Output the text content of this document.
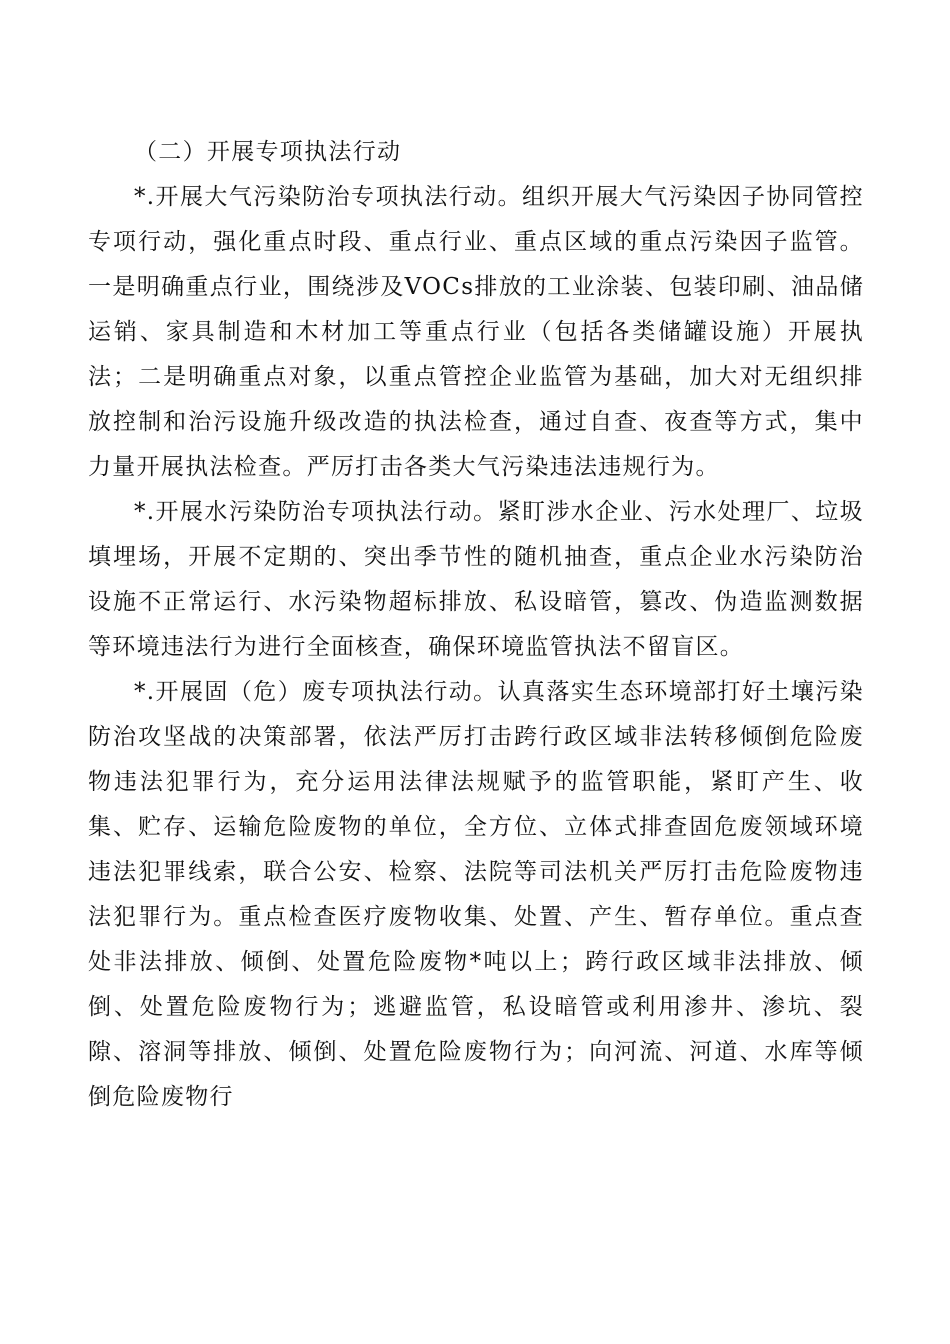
（二）开展专项执法行动

*.开展大气污染防治专项执法行动。组织开展大气污染因子协同管控专项行动，强化重点时段、重点行业、重点区域的重点污染因子监管。一是明确重点行业，围绕涉及VOCs排放的工业涂装、包装印刷、油品储运销、家具制造和木材加工等重点行业（包括各类储罐设施）开展执法；二是明确重点对象，以重点管控企业监管为基础，加大对无组织排放控制和治污设施升级改造的执法检查，通过自查、夜查等方式，集中力量开展执法检查。严厉打击各类大气污染违法违规行为。

*.开展水污染防治专项执法行动。紧盯涉水企业、污水处理厂、垃圾填埋场，开展不定期的、突出季节性的随机抽查，重点企业水污染防治设施不正常运行、水污染物超标排放、私设暗管，篡改、伪造监测数据等环境违法行为进行全面核查，确保环境监管执法不留盲区。

*.开展固（危）废专项执法行动。认真落实生态环境部打好土壤污染防治攻坚战的决策部署，依法严厉打击跨行政区域非法转移倾倒危险废物违法犯罪行为，充分运用法律法规赋予的监管职能，紧盯产生、收集、贮存、运输危险废物的单位，全方位、立体式排查固危废领域环境违法犯罪线索，联合公安、检察、法院等司法机关严厉打击危险废物违法犯罪行为。重点检查医疗废物收集、处置、产生、暂存单位。重点查处非法排放、倾倒、处置危险废物*吨以上；跨行政区域非法排放、倾倒、处置危险废物行为；逃避监管，私设暗管或利用渗井、渗坑、裂隙、溶洞等排放、倾倒、处置危险废物行为；向河流、河道、水库等倾倒危险废物行
